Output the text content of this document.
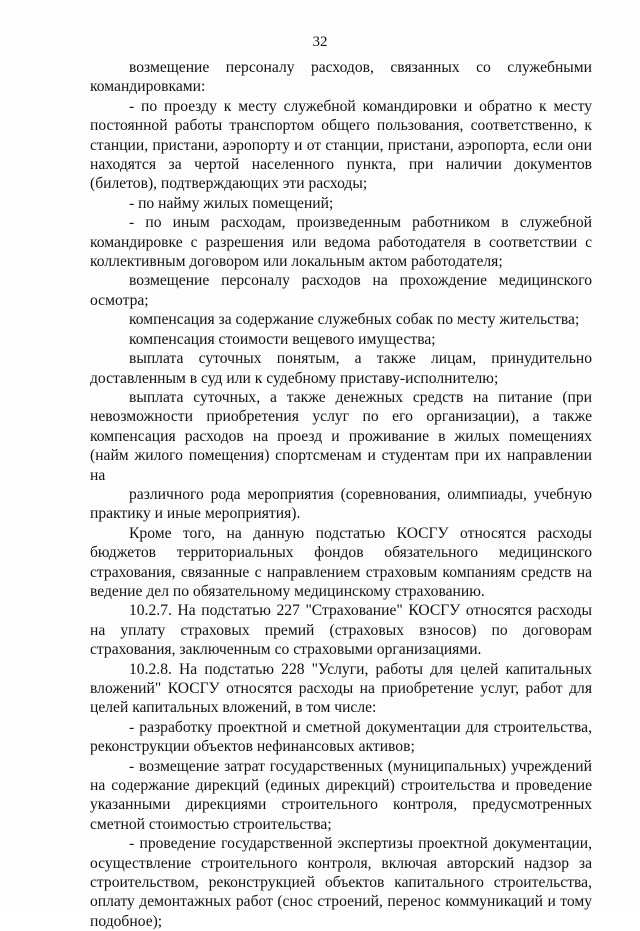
32

возмещение персоналу расходов, связанных со служебными командировками:

- по проезду к месту служебной командировки и обратно к месту постоянной работы транспортом общего пользования, соответственно, к станции, пристани, аэропорту и от станции, пристани, аэропорта, если они находятся за чертой населенного пункта, при наличии документов (билетов), подтверждающих эти расходы;

- по найму жилых помещений;

- по иным расходам, произведенным работником в служебной командировке с разрешения или ведома работодателя в соответствии с коллективным договором или локальным актом работодателя;

возмещение персоналу расходов на прохождение медицинского осмотра;

компенсация за содержание служебных собак по месту жительства;

компенсация стоимости вещевого имущества;

выплата суточных понятым, а также лицам, принудительно доставленным в суд или к судебному приставу-исполнителю;

выплата суточных, а также денежных средств на питание (при невозможности приобретения услуг по его организации), а также компенсация расходов на проезд и проживание в жилых помещениях (найм жилого помещения) спортсменам и студентам при их направлении на

различного рода мероприятия (соревнования, олимпиады, учебную практику и иные мероприятия).

Кроме того, на данную подстатью КОСГУ относятся расходы бюджетов территориальных фондов обязательного медицинского страхования, связанные с направлением страховым компаниям средств на ведение дел по обязательному медицинскому страхованию.

10.2.7. На подстатью 227 "Страхование" КОСГУ относятся расходы на уплату страховых премий (страховых взносов) по договорам страхования, заключенным со страховыми организациями.

10.2.8. На подстатью 228 "Услуги, работы для целей капитальных вложений" КОСГУ относятся расходы на приобретение услуг, работ для целей капитальных вложений, в том числе:

- разработку проектной и сметной документации для строительства, реконструкции объектов нефинансовых активов;

- возмещение затрат государственных (муниципальных) учреждений на содержание дирекций (единых дирекций) строительства и проведение указанными дирекциями строительного контроля, предусмотренных сметной стоимостью строительства;

- проведение государственной экспертизы проектной документации, осуществление строительного контроля, включая авторский надзор за строительством, реконструкцией объектов капитального строительства, оплату демонтажных работ (снос строений, перенос коммуникаций и тому подобное);
